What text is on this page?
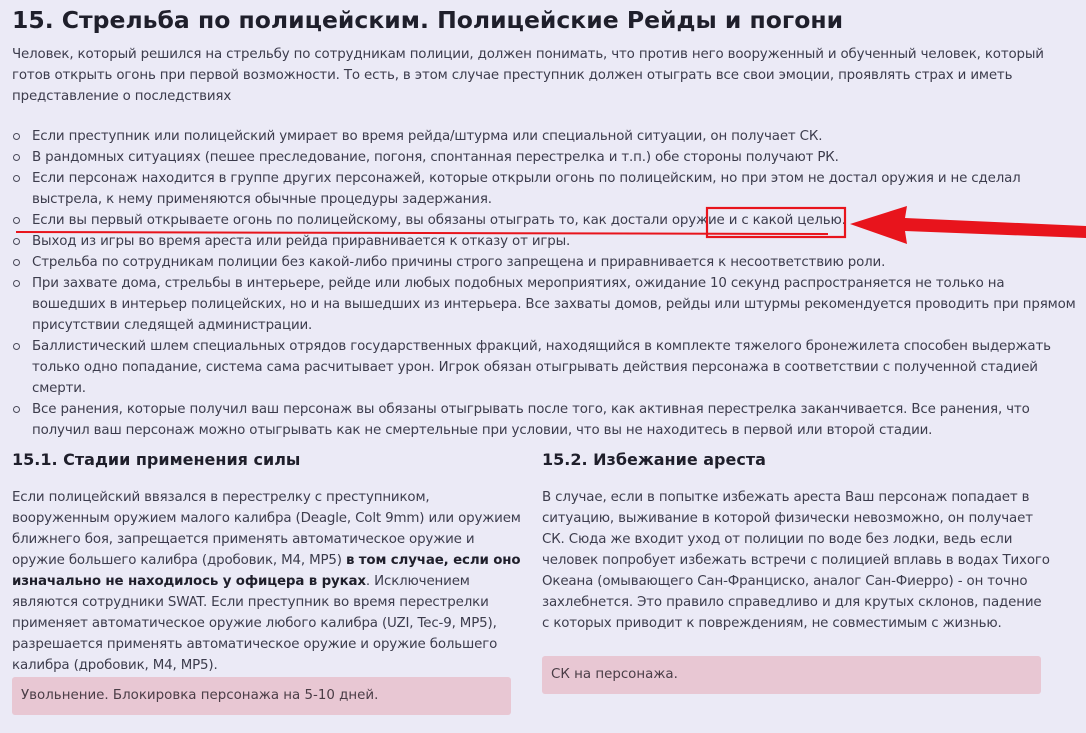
15. Стрельба по полицейским. Полицейские Рейды и погони

Человек, который решился на стрельбу по сотрудникам полиции, должен понимать, что против него вооруженный и обученный человек, который готов открыть огонь при первой возможности. То есть, в этом случае преступник должен отыграть все свои эмоции, проявлять страх и иметь представление о последствиях

Если преступник или полицейский умирает во время рейда/штурма или специальной ситуации, он получает СК.
В рандомных ситуациях (пешее преследование, погоня, спонтанная перестрелка и т.п.) обе стороны получают РК.
Если персонаж находится в группе других персонажей, которые открыли огонь по полицейским, но при этом не достал оружия и не сделал выстрела, к нему применяются обычные процедуры задержания.
Если вы первый открываете огонь по полицейскому, вы обязаны отыграть то, как достали оружие и с какой целью.
Выход из игры во время ареста или рейда приравнивается к отказу от игры.
Стрельба по сотрудникам полиции без какой-либо причины строго запрещена и приравнивается к несоответствию роли.
При захвате дома, стрельбы в интерьере, рейде или любых подобных мероприятиях, ожидание 10 секунд распространяется не только на вошедших в интерьер полицейских, но и на вышедших из интерьера. Все захваты домов, рейды или штурмы рекомендуется проводить при прямом присутствии следящей администрации.
Баллистический шлем специальных отрядов государственных фракций, находящийся в комплекте тяжелого бронежилета способен выдержать только одно попадание, система сама расчитывает урон. Игрок обязан отыгрывать действия персонажа в соответствии с полученной стадией смерти.
Все ранения, которые получил ваш персонаж вы обязаны отыгрывать после того, как активная перестрелка заканчивается. Все ранения, что получил ваш персонаж можно отыгрывать как не смертельные при условии, что вы не находитесь в первой или второй стадии.
15.1. Стадии применения силы

Если полицейский ввязался в перестрелку с преступником, вооруженным оружием малого калибра (Deagle, Colt 9mm) или оружием ближнего боя, запрещается применять автоматическое оружие и оружие большего калибра (дробовик, M4, MP5) в том случае, если оно изначально не находилось у офицера в руках. Исключением являются сотрудники SWAT. Если преступник во время перестрелки применяет автоматическое оружие любого калибра (UZI, Tec-9, MP5), разрешается применять автоматическое оружие и оружие большего калибра (дробовик, M4, MP5).

Увольнение. Блокировка персонажа на 5-10 дней.
15.2. Избежание ареста

В случае, если в попытке избежать ареста Ваш персонаж попадает в ситуацию, выживание в которой физически невозможно, он получает СК. Сюда же входит уход от полиции по воде без лодки, ведь если человек попробует избежать встречи с полицией вплавь в водах Тихого Океана (омывающего Сан-Франциско, аналог Сан-Фиерро) - он точно захлебнется. Это правило справедливо и для крутых склонов, падение с которых приводит к повреждениям, не совместимым с жизнью.

СК на персонажа.
